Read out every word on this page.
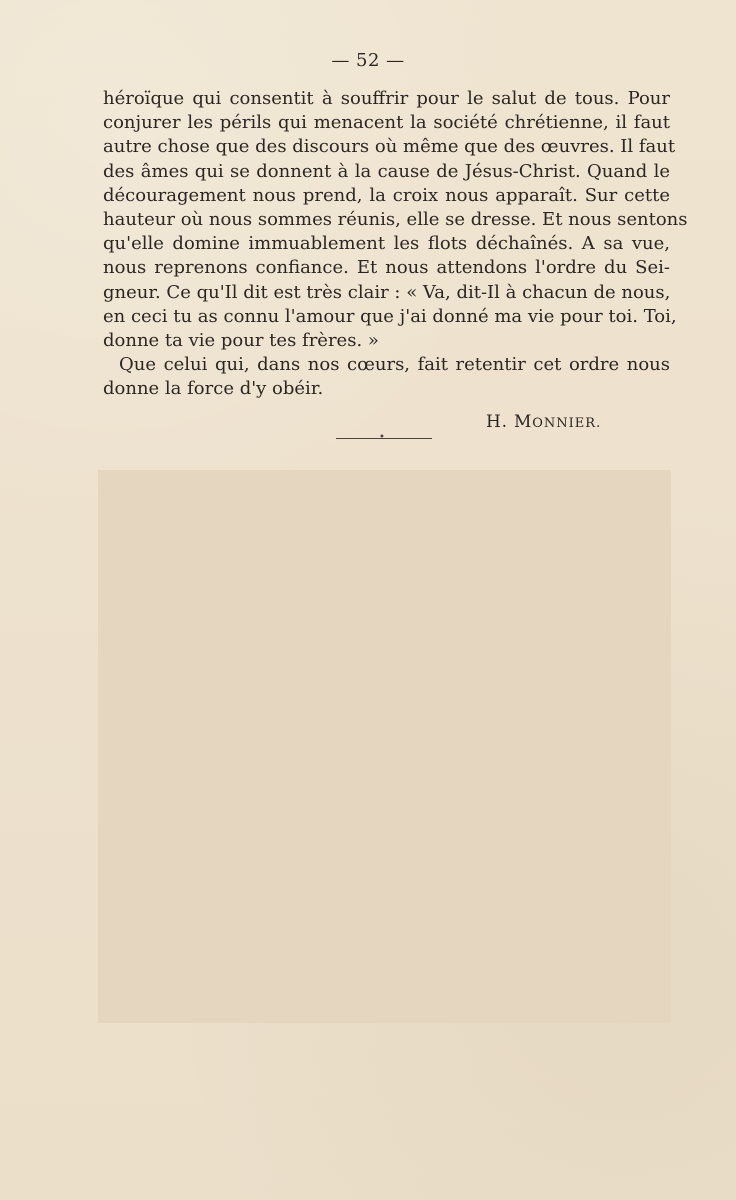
— 52 —
héroïque qui consentit à souffrir pour le salut de tous. Pour
conjurer les périls qui menacent la société chrétienne, il faut
autre chose que des discours où même que des œuvres. Il faut
des âmes qui se donnent à la cause de Jésus-Christ. Quand le
découragement nous prend, la croix nous apparaît. Sur cette
hauteur où nous sommes réunis, elle se dresse. Et nous sentons
qu'elle domine immuablement les flots déchaînés. A sa vue,
nous reprenons confiance. Et nous attendons l'ordre du Sei-
gneur. Ce qu'Il dit est très clair : « Va, dit-Il à chacun de nous,
en ceci tu as connu l'amour que j'ai donné ma vie pour toi. Toi,
donne ta vie pour tes frères. »
Que celui qui, dans nos cœurs, fait retentir cet ordre nous
donne la force d'y obéir.
H. MONNIER.
•
